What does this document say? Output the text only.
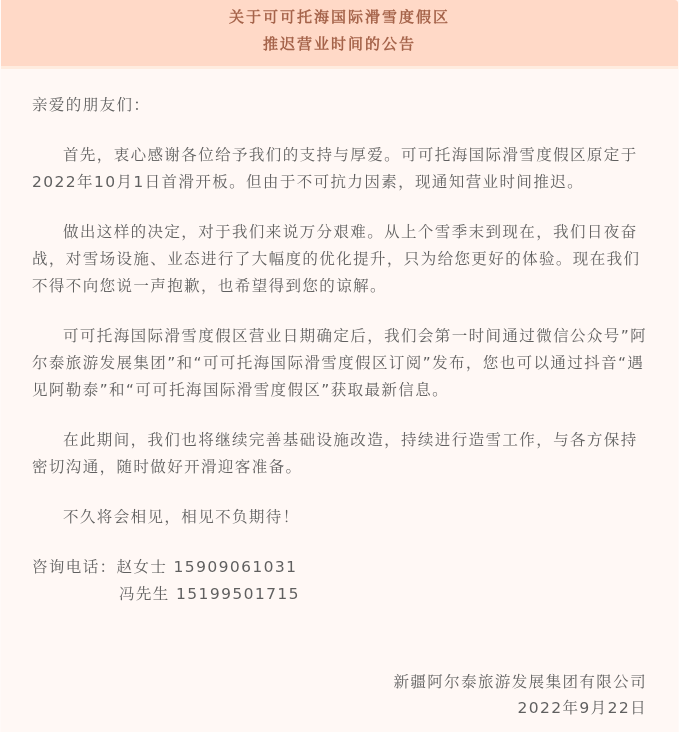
关于可可托海国际滑雪度假区
推迟营业时间的公告

亲爱的朋友们：

首先，衷心感谢各位给予我们的支持与厚爱。可可托海国际滑雪度假区原定于2022年10月1日首滑开板。但由于不可抗力因素，现通知营业时间推迟。

做出这样的决定，对于我们来说万分艰难。从上个雪季末到现在，我们日夜奋战，对雪场设施、业态进行了大幅度的优化提升，只为给您更好的体验。现在我们不得不向您说一声抱歉，也希望得到您的谅解。

可可托海国际滑雪度假区营业日期确定后，我们会第一时间通过微信公众号”阿尔泰旅游发展集团”和“可可托海国际滑雪度假区订阅”发布，您也可以通过抖音“遇见阿勒泰”和“可可托海国际滑雪度假区”获取最新信息。

在此期间，我们也将继续完善基础设施改造，持续进行造雪工作，与各方保持密切沟通，随时做好开滑迎客准备。

不久将会相见，相见不负期待！

咨询电话：赵女士 15909061031
冯先生 15199501715
新疆阿尔泰旅游发展集团有限公司
2022年9月22日
